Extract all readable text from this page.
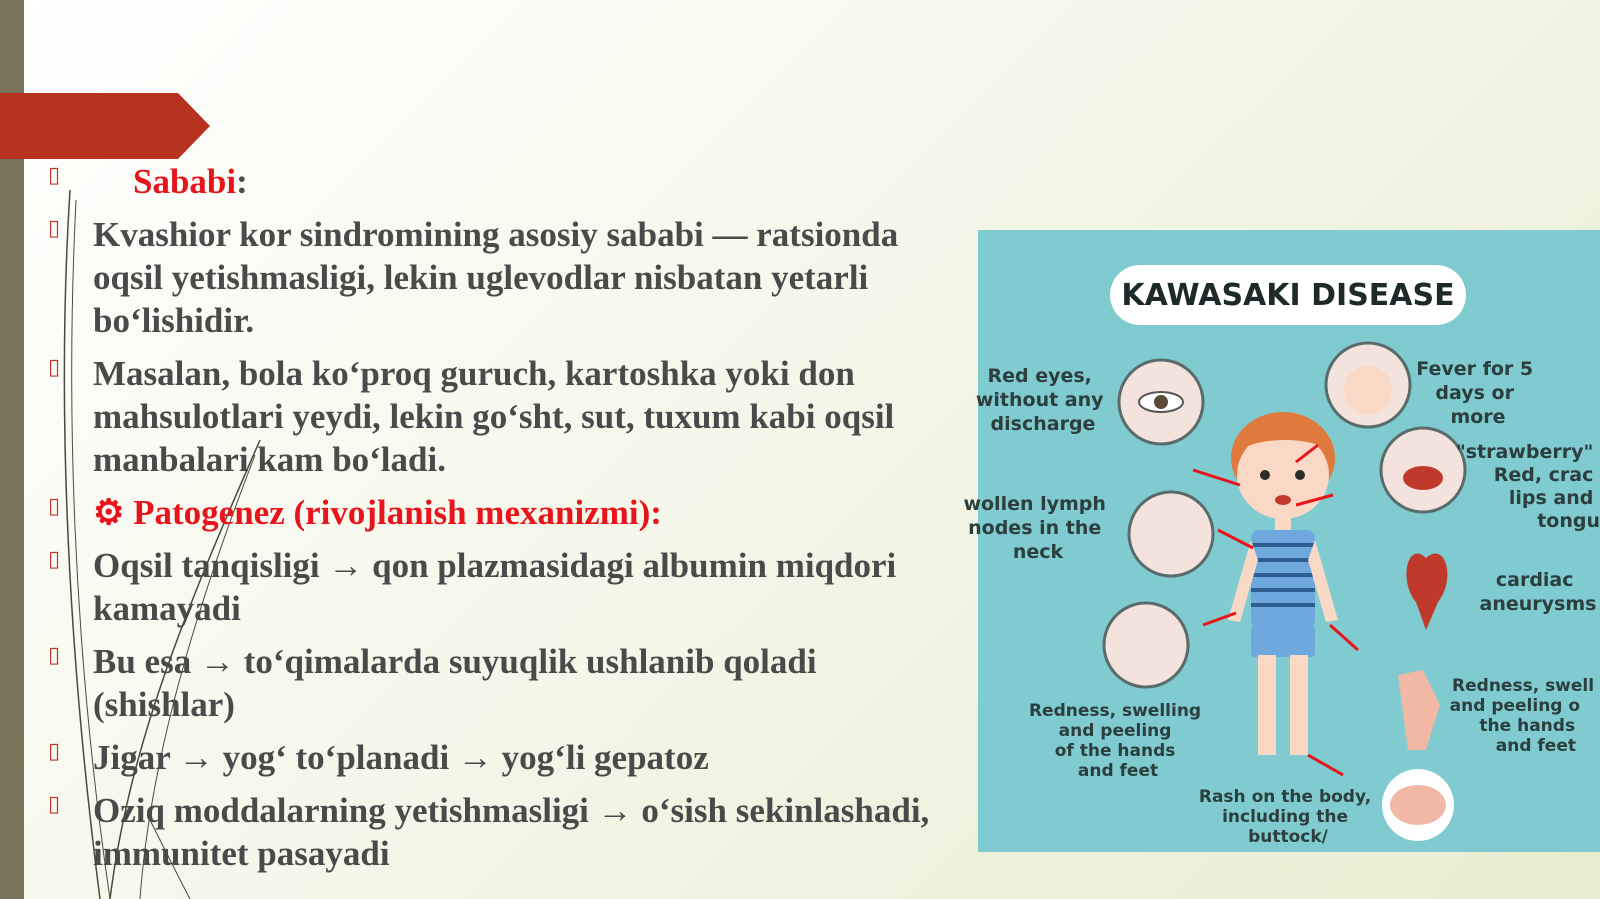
▯	Sababi:
▯ Kvashior kor sindromining asosiy sababi — ratsionda oqsil yetishmasligi, lekin uglevodlar nisbatan yetarli bo‘lishidir.
▯ Masalan, bola ko‘proq guruch, kartoshka yoki don mahsulotlari yeydi, lekin go‘sht, sut, tuxum kabi oqsil manbalari kam bo‘ladi.
▯ ⚙ Patogenez (rivojlanish mexanizmi):
▯ Oqsil tanqisligi → qon plazmasidagi albumin miqdori kamayadi
▯ Bu esa → to‘qimalarda suyuqlik ushlanib qoladi (shishlar)
▯ Jigar → yog‘ to‘planadi → yog‘li gepatoz
▯ Oziq moddalarning yetishmasligi → o‘sish sekinlashadi, immunitet pasayadi
KAWASAKI DISEASE
Red eyes, without any discharge
Fever for 5 days or more
"strawberry" Red, crac lips and tongu
wollen lymph nodes in the neck
cardiac aneurysms
Redness, swelling and peeling of the hands and feet
Redness, swell and peeling o the hands and feet
Rash on the body, including the buttock/
